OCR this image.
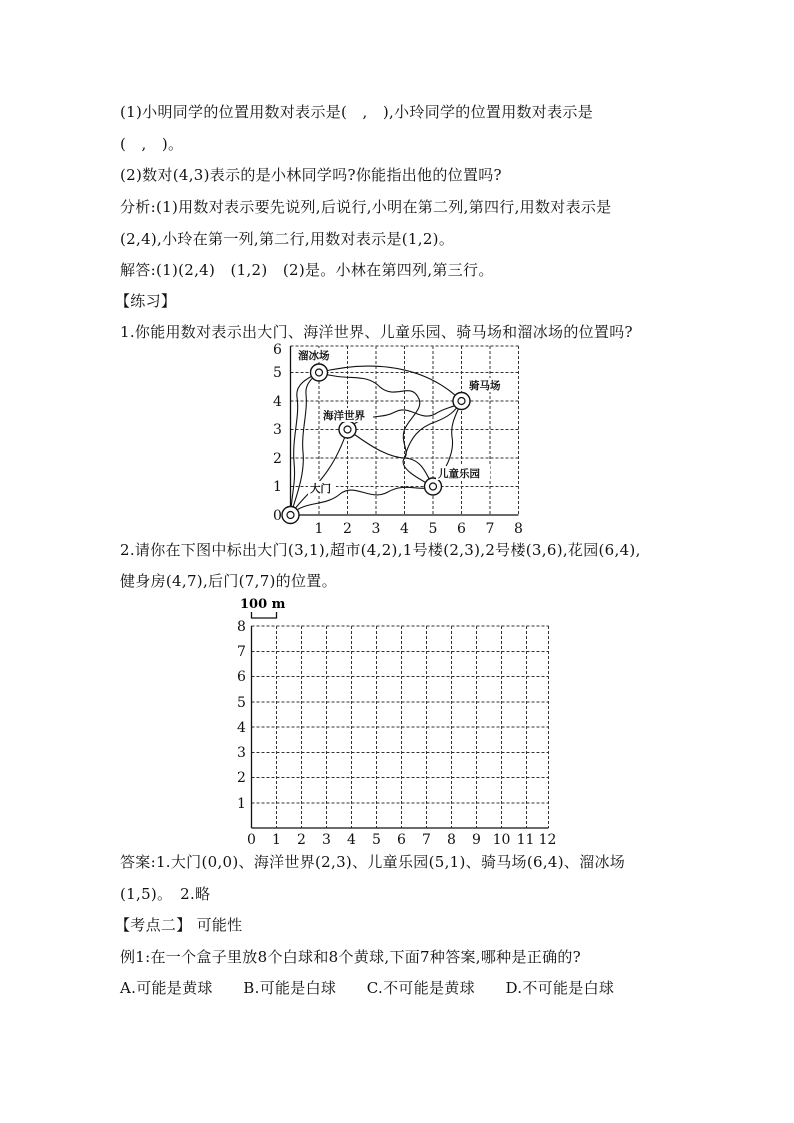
(1)小明同学的位置用数对表示是(　,　),小玲同学的位置用数对表示是
(　,　)。
(2)数对(4,3)表示的是小林同学吗?你能指出他的位置吗?
分析:(1)用数对表示要先说列,后说行,小明在第二列,第四行,用数对表示是
(2,4),小玲在第一列,第二行,用数对表示是(1,2)。
解答:(1)(2,4)　(1,2)　(2)是。小林在第四列,第三行。
【练习】
1.你能用数对表示出大门、海洋世界、儿童乐园、骑马场和溜冰场的位置吗?
溜冰场
海洋世界
骑马场
儿童乐园
大门
0
1 2 3 4 5 6 7 8
1
2
3
4
5
6
2.请你在下图中标出大门(3,1),超市(4,2),1号楼(2,3),2号楼(3,6),花园(6,4),
健身房(4,7),后门(7,7)的位置。
100 m
0 1 2 3 4 5 6 7 8 9 10 11 12
1
2
3
4
5
6
7
8
答案:1.大门(0,0)、海洋世界(2,3)、儿童乐园(5,1)、骑马场(6,4)、溜冰场
(1,5)。　2.略
【考点二】 可能性
例1:在一个盒子里放8个白球和8个黄球,下面7种答案,哪种是正确的?
A.可能是黄球　　B.可能是白球　　C.不可能是黄球　　D.不可能是白球
